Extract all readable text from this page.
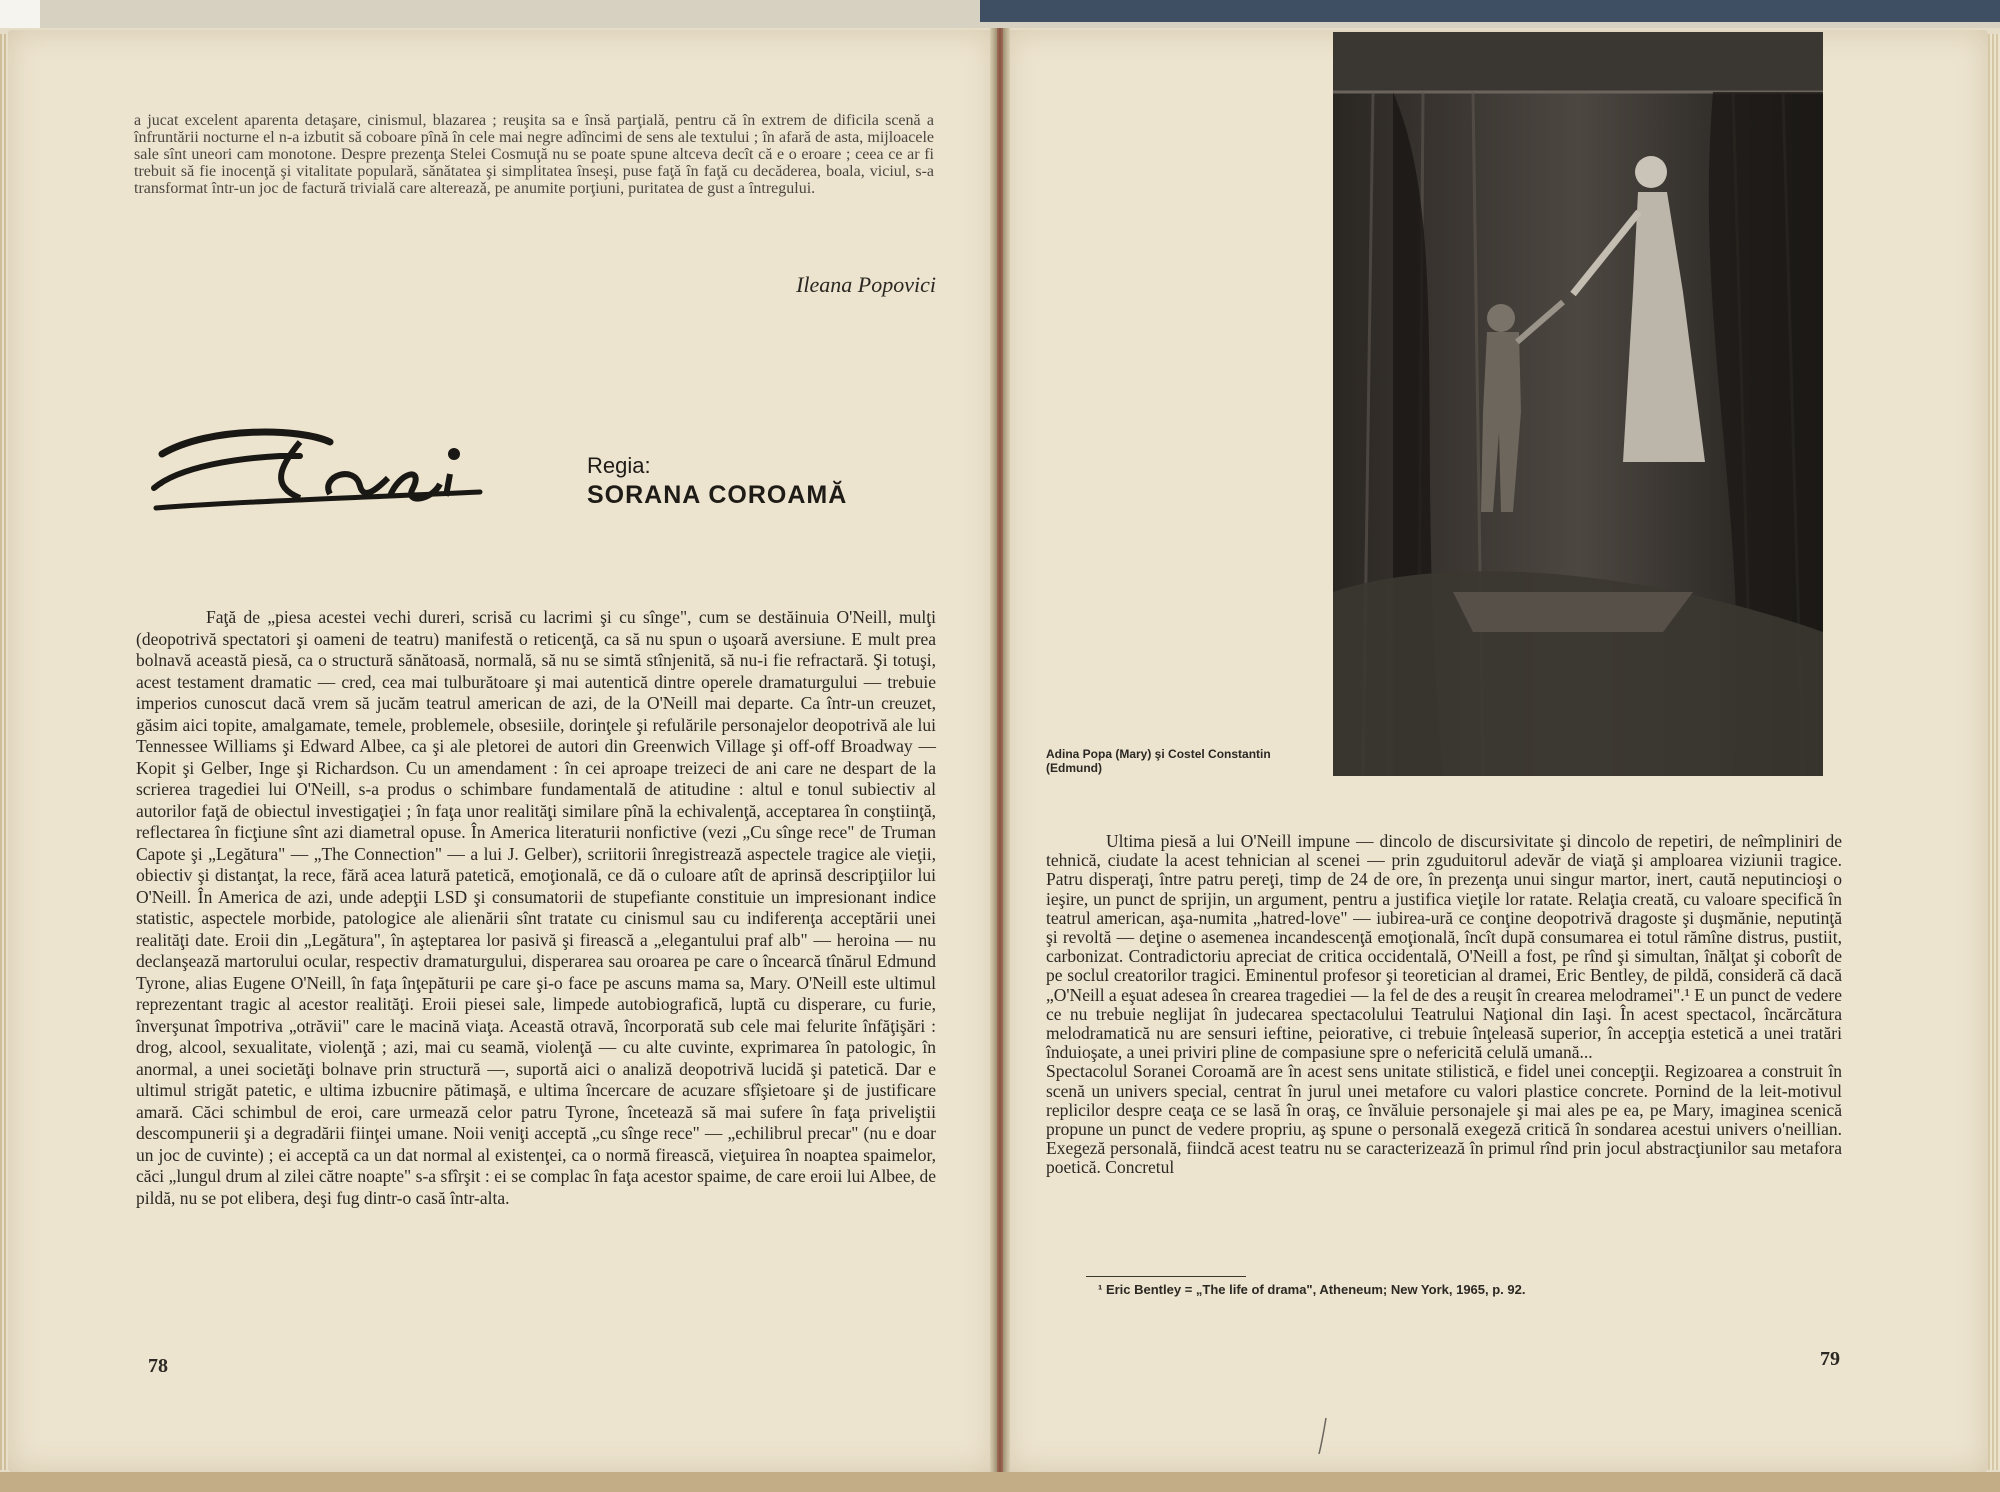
a jucat excelent aparenta detaşare, cinismul, blazarea ; reuşita sa e însă parţială, pentru că în extrem de dificila scenă a înfruntării nocturne el n-a izbutit să coboare pînă în cele mai negre adîncimi de sens ale textului ; în afară de asta, mijloacele sale sînt uneori cam monotone. Despre prezenţa Stelei Cosmuţă nu se poate spune altceva decît că e o eroare ; ceea ce ar fi trebuit să fie inocenţă şi vitalitate populară, sănătatea şi simplitatea înseşi, puse faţă în faţă cu decăderea, boala, viciul, s-a transformat într-un joc de factură trivială care altereazǎ, pe anumite porţiuni, puritatea de gust a întregului.
Ileana Popovici
Iaşi
Regia:
SORANA COROAMĂ
Faţă de „piesa acestei vechi dureri, scrisă cu lacrimi şi cu sînge", cum se destăinuia O'Neill, mulţi (deopotrivă spectatori şi oameni de teatru) manifestă o reticenţă, ca să nu spun o uşoară aversiune. E mult prea bolnavă această piesă, ca o structură sănătoasă, normală, să nu se simtă stînjenită, să nu-i fie refractară. Şi totuşi, acest testament dramatic — cred, cea mai tulburătoare şi mai autentică dintre operele dramaturgului — trebuie imperios cunoscut dacă vrem să jucăm teatrul american de azi, de la O'Neill mai departe. Ca într-un creuzet, găsim aici topite, amalgamate, temele, problemele, obsesiile, dorinţele şi refulările personajelor deopotrivă ale lui Tennessee Williams şi Edward Albee, ca şi ale pletorei de autori din Greenwich Village şi off-off Broadway — Kopit şi Gelber, Inge şi Richardson. Cu un amendament : în cei aproape treizeci de ani care ne despart de la scrierea tragediei lui O'Neill, s-a produs o schimbare fundamentală de atitudine : altul e tonul subiectiv al autorilor faţă de obiectul investigaţiei ; în faţa unor realităţi similare pînă la echivalenţă, acceptarea în conştiinţă, reflectarea în ficţiune sînt azi diametral opuse. În America literaturii nonfictive (vezi „Cu sînge rece" de Truman Capote şi „Legătura" — „The Connection" — a lui J. Gelber), scriitorii înregistrează aspectele tragice ale vieţii, obiectiv şi distanţat, la rece, fără acea latură patetică, emoţională, ce dă o culoare atît de aprinsă descripţiilor lui O'Neill. În America de azi, unde adepţii LSD şi consumatorii de stupefiante constituie un impresionant indice statistic, aspectele morbide, patologice ale alienării sînt tratate cu cinismul sau cu indiferenţa acceptării unei realităţi date. Eroii din „Legătura", în aşteptarea lor pasivă şi firească a „elegantului praf alb" — heroina — nu declanşează martorului ocular, respectiv dramaturgului, disperarea sau oroarea pe care o încearcă tînărul Edmund Tyrone, alias Eugene O'Neill, în faţa înţepăturii pe care şi-o face pe ascuns mama sa, Mary. O'Neill este ultimul reprezentant tragic al acestor realităţi. Eroii piesei sale, limpede autobiografică, luptă cu disperare, cu furie, înverşunat împotriva „otrăvii" care le macină viaţa. Această otravă, încorporată sub cele mai felurite înfăţişări : drog, alcool, sexualitate, violenţă ; azi, mai cu seamă, violenţă — cu alte cuvinte, exprimarea în patologic, în anormal, a unei societăţi bolnave prin structură —, suportă aici o analiză deopotrivă lucidă şi patetică. Dar e ultimul strigăt patetic, e ultima izbucnire pătimaşă, e ultima încercare de acuzare sfîşietoare şi de justificare amară. Căci schimbul de eroi, care urmează celor patru Tyrone, încetează să mai sufere în faţa priveliştii descompunerii şi a degradării fiinţei umane. Noii veniţi acceptă „cu sînge rece" — „echilibrul precar" (nu e doar un joc de cuvinte) ; ei acceptă ca un dat normal al existenţei, ca o normă firească, vieţuirea în noaptea spaimelor, căci „lungul drum al zilei către noapte" s-a sfîrşit : ei se complac în faţa acestor spaime, de care eroii lui Albee, de pildă, nu se pot elibera, deşi fug dintr-o casă într-alta.
78
Adina Popa (Mary) şi Costel Constantin (Edmund)
Ultima piesă a lui O'Neill impune — dincolo de discursivitate şi dincolo de repetiri, de neîmpliniri de tehnică, ciudate la acest tehnician al scenei — prin zguduitorul adevăr de viaţă şi amploarea viziunii tragice. Patru disperaţi, între patru pereţi, timp de 24 de ore, în prezenţa unui singur martor, inert, caută neputincioşi o ieşire, un punct de sprijin, un argument, pentru a justifica vieţile lor ratate. Relaţia creată, cu valoare specifică în teatrul american, aşa-numita „hatred-love" — iubirea-ură ce conţine deopotrivă dragoste şi duşmănie, neputinţă şi revoltă — deţine o asemenea incandescenţă emoţională, încît după consumarea ei totul rămîne distrus, pustiit, carbonizat. Contradictoriu apreciat de critica occidentală, O'Neill a fost, pe rînd şi simultan, înălţat şi coborît de pe soclul creatorilor tragici. Eminentul profesor şi teoretician al dramei, Eric Bentley, de pildă, consideră că dacă „O'Neill a eşuat adesea în crearea tragediei — la fel de des a reuşit în crearea melodramei".¹ E un punct de vedere ce nu trebuie neglijat în judecarea spectacolului Teatrului Naţional din Iaşi. În acest spectacol, încărcătura melodramatică nu are sensuri ieftine, peiorative, ci trebuie înţeleasă superior, în accepţia estetică a unei tratări înduioşate, a unei priviri pline de compasiune spre o nefericită celulă umană...
Spectacolul Soranei Coroamă are în acest sens unitate stilistică, e fidel unei concepţii. Regizoarea a construit în scenă un univers special, centrat în jurul unei metafore cu valori plastice concrete. Pornind de la leit-motivul replicilor despre ceaţa ce se lasă în oraş, ce învăluie personajele şi mai ales pe ea, pe Mary, imaginea scenică propune un punct de vedere propriu, aş spune o personală exegeză critică în sondarea acestui univers o'neillian. Exegeză personală, fiindcă acest teatru nu se caracterizează în primul rînd prin jocul abstracţiunilor sau metafora poetică. Concretul
¹ Eric Bentley = „The life of drama", Atheneum; New York, 1965, p. 92.
79
